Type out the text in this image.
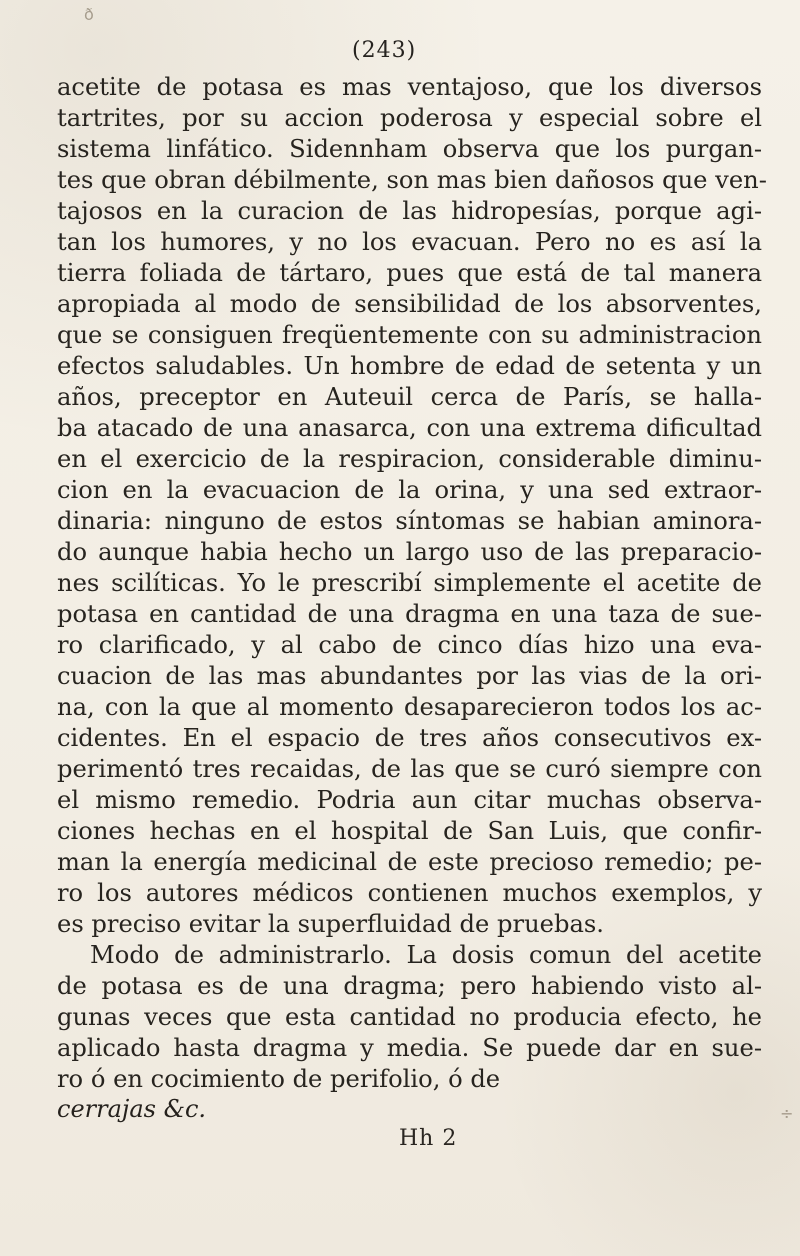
ð
(243)
acetite de potasa es mas ventajoso, que los diversos
tartrites, por su accion poderosa y especial sobre el
sistema linfático. Sidennham observa que los purgan-
tes que obran débilmente, son mas bien dañosos que ven-
tajosos en la curacion de las hidropesías, porque agi-
tan los humores, y no los evacuan. Pero no es así la
tierra foliada de tártaro, pues que está de tal manera
apropiada al modo de sensibilidad de los absorventes,
que se consiguen freqüentemente con su administracion
efectos saludables. Un hombre de edad de setenta y un
años, preceptor en Auteuil cerca de París, se halla-
ba atacado de una anasarca, con una extrema dificultad
en el exercicio de la respiracion, considerable diminu-
cion en la evacuacion de la orina, y una sed extraor-
dinaria: ninguno de estos síntomas se habian aminora-
do aunque habia hecho un largo uso de las preparacio-
nes scilíticas. Yo le prescribí simplemente el acetite de
potasa en cantidad de una dragma en una taza de sue-
ro clarificado, y al cabo de cinco días hizo una eva-
cuacion de las mas abundantes por las vias de la ori-
na, con la que al momento desaparecieron todos los ac-
cidentes. En el espacio de tres años consecutivos ex-
perimentó tres recaidas, de las que se curó siempre con
el mismo remedio. Podria aun citar muchas observa-
ciones hechas en el hospital de San Luis, que confir-
man la energía medicinal de este precioso remedio; pe-
ro los autores médicos contienen muchos exemplos, y
es preciso evitar la superfluidad de pruebas.
Modo de administrarlo. La dosis comun del acetite
de potasa es de una dragma; pero habiendo visto al-
gunas veces que esta cantidad no producia efecto, he
aplicado hasta dragma y media. Se puede dar en sue-
ro ó en cocimiento de perifolio, ó de
cerrajas &c.
Hh 2
÷
